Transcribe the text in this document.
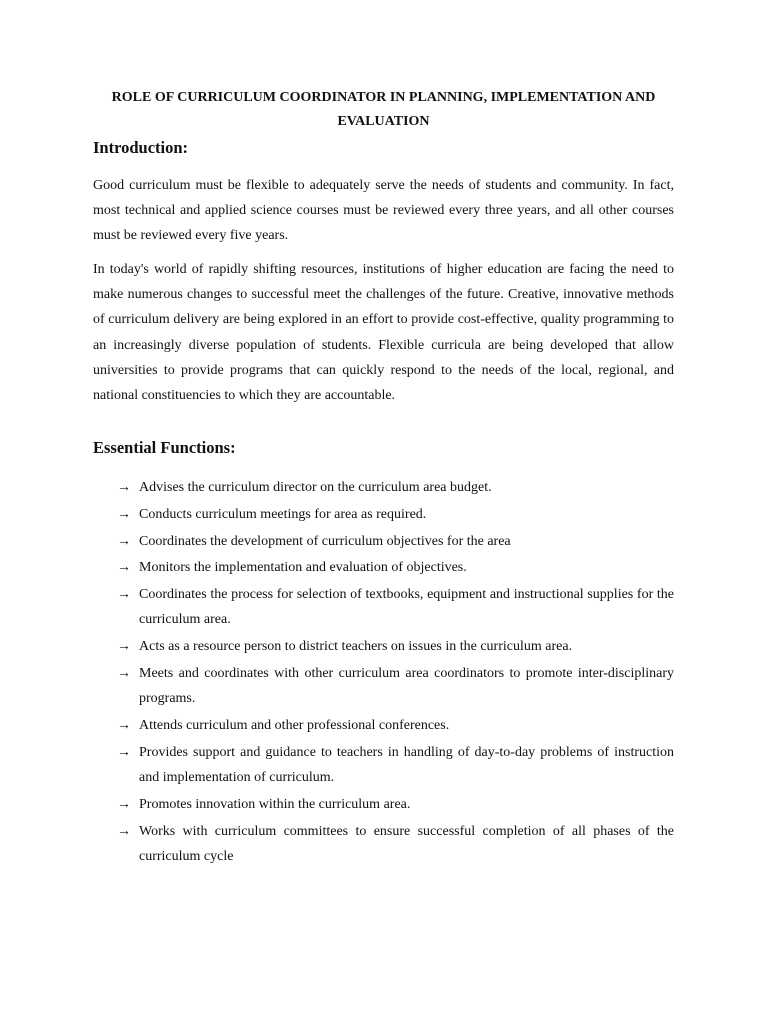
ROLE OF CURRICULUM COORDINATOR IN PLANNING, IMPLEMENTATION AND EVALUATION
Introduction:
Good curriculum must be flexible to adequately serve the needs of students and community. In fact, most technical and applied science courses must be reviewed every three years, and all other courses must be reviewed every five years.
In today's world of rapidly shifting resources, institutions of higher education are facing the need to make numerous changes to successful meet the challenges of the future. Creative, innovative methods of curriculum delivery are being explored in an effort to provide cost-effective, quality programming to an increasingly diverse population of students. Flexible curricula are being developed that allow universities to provide programs that can quickly respond to the needs of the local, regional, and national constituencies to which they are accountable.
Essential Functions:
→ Advises the curriculum director on the curriculum area budget.
→ Conducts curriculum meetings for area as required.
→ Coordinates the development of curriculum objectives for the area
→ Monitors the implementation and evaluation of objectives.
→ Coordinates the process for selection of textbooks, equipment and instructional supplies for the curriculum area.
→ Acts as a resource person to district teachers on issues in the curriculum area.
→ Meets and coordinates with other curriculum area coordinators to promote inter-disciplinary programs.
→ Attends curriculum and other professional conferences.
→ Provides support and guidance to teachers in handling of day-to-day problems of instruction and implementation of curriculum.
→ Promotes innovation within the curriculum area.
→ Works with curriculum committees to ensure successful completion of all phases of the curriculum cycle
